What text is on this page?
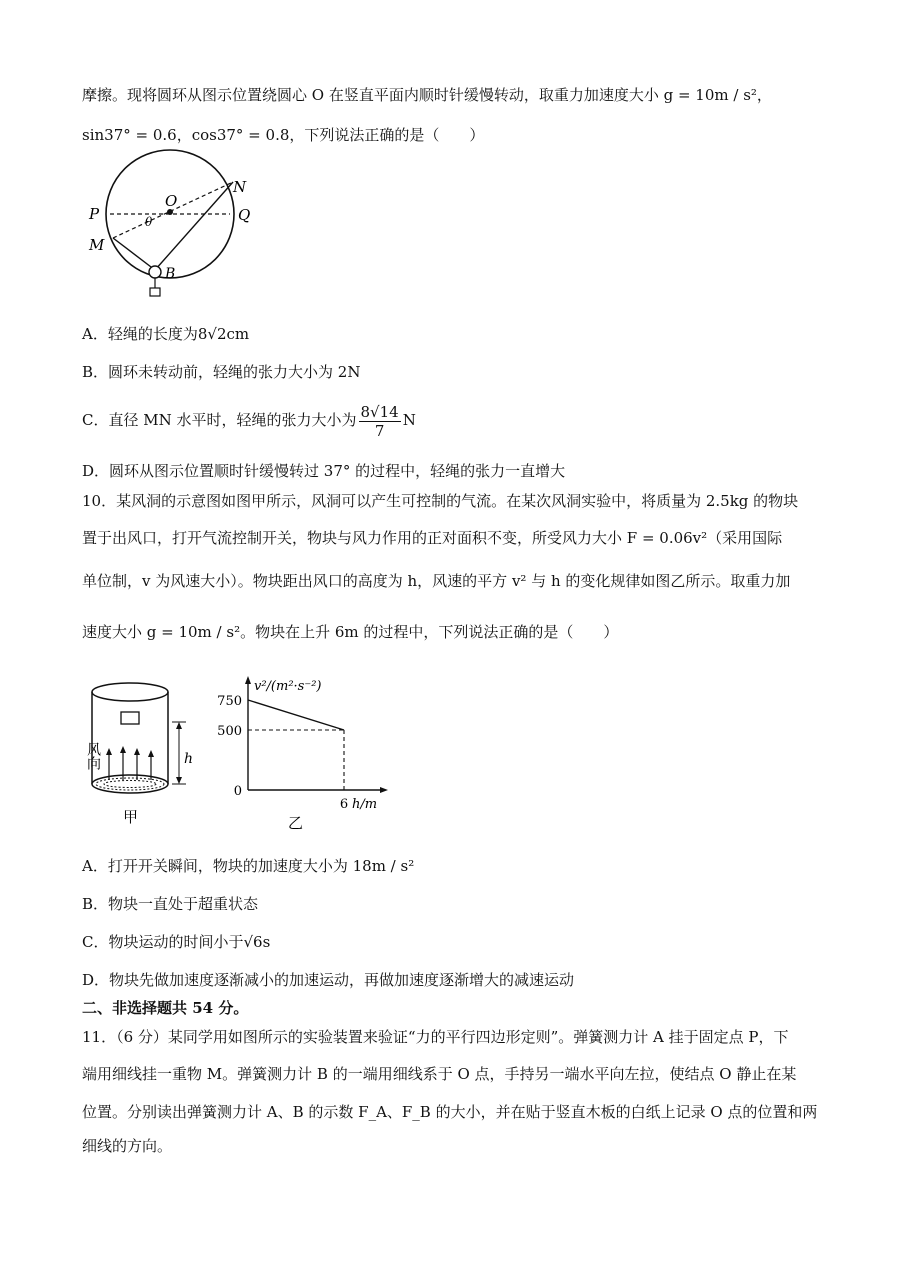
摩擦。现将圆环从图示位置绕圆心 O 在竖直平面内顺时针缓慢转动，取重力加速度大小 g = 10m / s²，
sin37° = 0.6，cos37° = 0.8，下列说法正确的是（　　）
P
O
Q
N
M
θ
B
A．轻绳的长度为8√2cm
B．圆环未转动前，轻绳的张力大小为 2N
C．直径 MN 水平时，轻绳的张力大小为 $\frac{8√14}{7}$ N
D．圆环从图示位置顺时针缓慢转过 37° 的过程中，轻绳的张力一直增大
10．某风洞的示意图如图甲所示，风洞可以产生可控制的气流。在某次风洞实验中，将质量为 2.5kg 的物块
置于出风口，打开气流控制开关，物块与风力作用的正对面积不变，所受风力大小 F = 0.06v²（采用国际
单位制，v 为风速大小）。物块距出风口的高度为 h，风速的平方 v² 与 h 的变化规律如图乙所示。取重力加
速度大小 g = 10m / s²。物块在上升 6m 的过程中，下列说法正确的是（　　）
h
风向
甲
750
500
0
6
v²/(m²·s⁻²)
h/m
乙
A．打开开关瞬间，物块的加速度大小为 18m / s²
B．物块一直处于超重状态
C．物块运动的时间小于√6s
D．物块先做加速度逐渐减小的加速运动，再做加速度逐渐增大的减速运动
二、非选择题共 54 分。
11．（6 分）某同学用如图所示的实验装置来验证“力的平行四边形定则”。弹簧测力计 A 挂于固定点 P，下
端用细线挂一重物 M。弹簧测力计 B 的一端用细线系于 O 点，手持另一端水平向左拉，使结点 O 静止在某
位置。分别读出弹簧测力计 A、B 的示数 F_A、F_B 的大小，并在贴于竖直木板的白纸上记录 O 点的位置和两
细线的方向。
